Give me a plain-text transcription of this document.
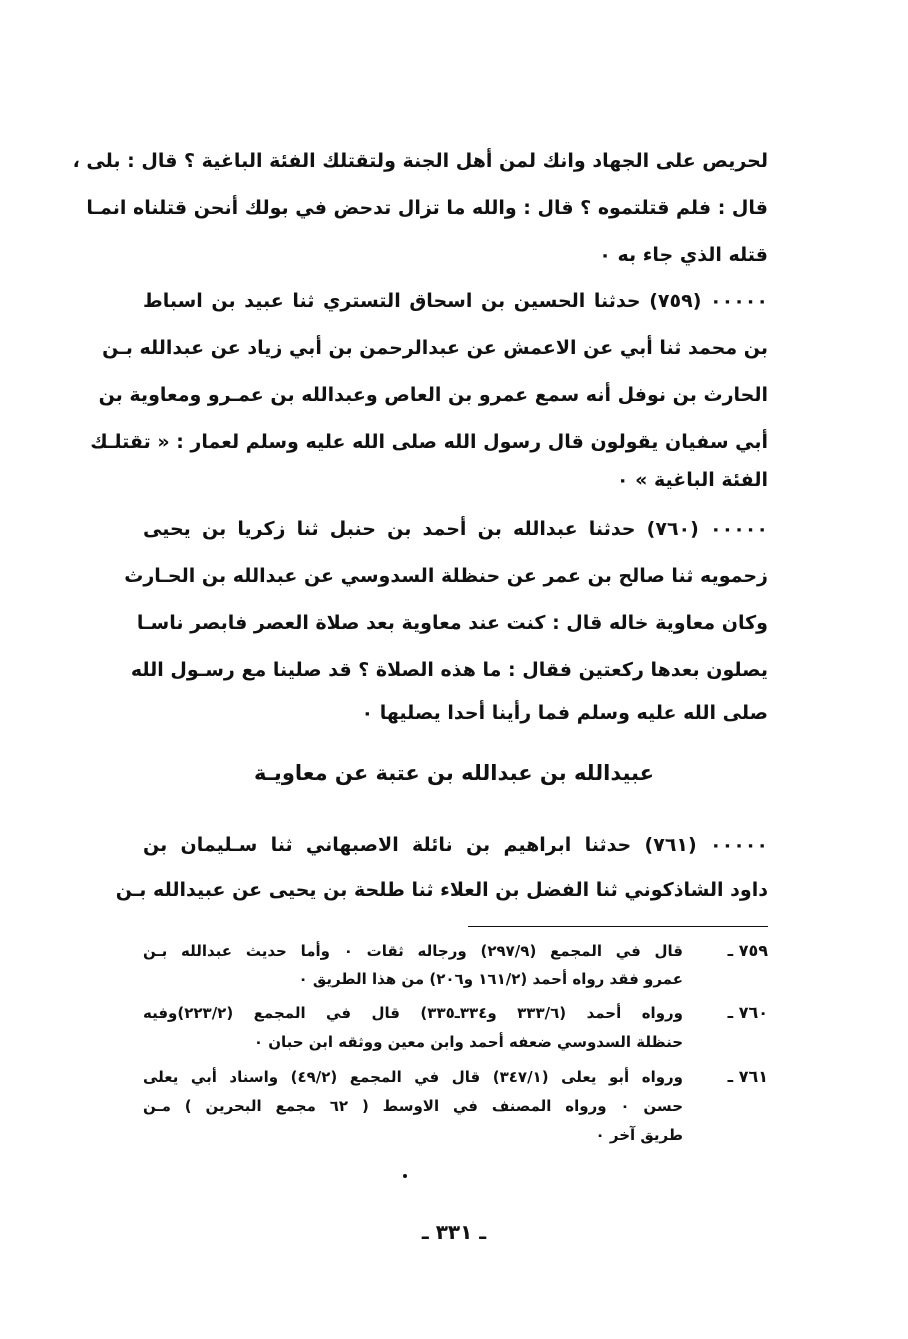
لحريص على الجهاد وانك لمن أهل الجنة ولتقتلك الفئة الباغية ؟ قال : بلى ،
قال : فلم قتلتموه ؟ قال : والله ما تزال تدحض في بولك أنحن قتلناه انمـا
قتله الذي جاء به ٠
٠٠٠٠٠ (٧٥٩) حدثنا الحسين بن اسحاق التستري ثنا عبيد بن اسباط
بن محمد ثنا أبي عن الاعمش عن عبدالرحمن بن أبي زياد عن عبدالله بـن
الحارث بن نوفل أنه سمع عمرو بن العاص وعبدالله بن عمـرو ومعاوية بن
أبي سفيان يقولون قال رسول الله صلى الله عليه وسلم لعمار : « تقتلـك
الفئة الباغية » ٠
٠٠٠٠٠ (٧٦٠) حدثنا عبدالله بن أحمد بن حنبل ثنا زكريا بن يحيى
زحمويه ثنا صالح بن عمر عن حنظلة السدوسي عن عبدالله بن الحـارث
وكان معاوية خاله قال : كنت عند معاوية بعد صلاة العصر فابصر ناسـا
يصلون بعدها ركعتين فقال : ما هذه الصلاة ؟ قد صلينا مع رسـول الله
صلى الله عليه وسلم فما رأينا أحدا يصليها ٠
عبيدالله بن عبدالله بن عتبة عن معاويـة
٠٠٠٠٠ (٧٦١) حدثنا ابراهيم بن نائلة الاصبهاني ثنا سـليمان بن
داود الشاذكوني ثنا الفضل بن العلاء ثنا طلحة بن يحيى عن عبيدالله بـن
٧٥٩ ـ
قال في المجمع (٢٩٧/٩) ورجاله ثقات ٠ وأما حديث عبدالله بـن
عمرو فقد رواه أحمد (١٦١/٢ و٢٠٦) من هذا الطريق ٠
٧٦٠ ـ
ورواه أحمد (٣٣٣/٦ و٣٣٤ـ٣٣٥) قال في المجمع (٢٢٣/٢)وفيه
حنظلة السدوسي ضعفه أحمد وابن معين ووثقه ابن حبان ٠
٧٦١ ـ
ورواه أبو يعلى (٣٤٧/١) قال في المجمع (٤٩/٢) واسناد أبي يعلى
حسن ٠ ورواه المصنف في الاوسط ( ٦٢ مجمع البحرين ) مـن
طريق آخر ٠
ـ ٣٣١ ـ
